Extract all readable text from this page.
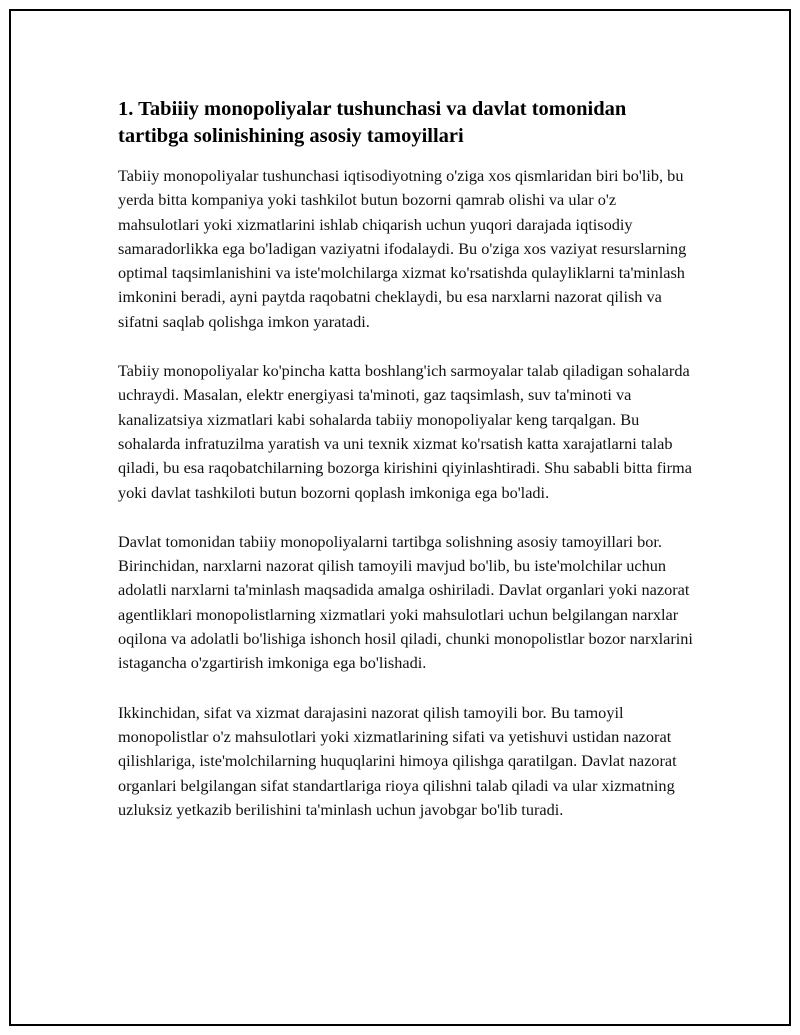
1. Tabiiiy monopoliyalar tushunchasi va davlat tomonidan tartibga solinishining asosiy tamoyillari

Tabiiy monopoliyalar tushunchasi iqtisodiyotning o'ziga xos qismlaridan biri bo'lib, bu yerda bitta kompaniya yoki tashkilot butun bozorni qamrab olishi va ular o'z mahsulotlari yoki xizmatlarini ishlab chiqarish uchun yuqori darajada iqtisodiy samaradorlikka ega bo'ladigan vaziyatni ifodalaydi. Bu o'ziga xos vaziyat resurslarning optimal taqsimlanishini va iste'molchilarga xizmat ko'rsatishda qulayliklarni ta'minlash imkonini beradi, ayni paytda raqobatni cheklaydi, bu esa narxlarni nazorat qilish va sifatni saqlab qolishga imkon yaratadi.

Tabiiy monopoliyalar ko'pincha katta boshlang'ich sarmoyalar talab qiladigan sohalarda uchraydi. Masalan, elektr energiyasi ta'minoti, gaz taqsimlash, suv ta'minoti va kanalizatsiya xizmatlari kabi sohalarda tabiiy monopoliyalar keng tarqalgan. Bu sohalarda infratuzilma yaratish va uni texnik xizmat ko'rsatish katta xarajatlarni talab qiladi, bu esa raqobatchilarning bozorga kirishini qiyinlashtiradi. Shu sababli bitta firma yoki davlat tashkiloti butun bozorni qoplash imkoniga ega bo'ladi.

Davlat tomonidan tabiiy monopoliyalarni tartibga solishning asosiy tamoyillari bor. Birinchidan, narxlarni nazorat qilish tamoyili mavjud bo'lib, bu iste'molchilar uchun adolatli narxlarni ta'minlash maqsadida amalga oshiriladi. Davlat organlari yoki nazorat agentliklari monopolistlarning xizmatlari yoki mahsulotlari uchun belgilangan narxlar oqilona va adolatli bo'lishiga ishonch hosil qiladi, chunki monopolistlar bozor narxlarini istagancha o'zgartirish imkoniga ega bo'lishadi.

Ikkinchidan, sifat va xizmat darajasini nazorat qilish tamoyili bor. Bu tamoyil monopolistlar o'z mahsulotlari yoki xizmatlarining sifati va yetishuvi ustidan nazorat qilishlariga, iste'molchilarning huquqlarini himoya qilishga qaratilgan. Davlat nazorat organlari belgilangan sifat standartlariga rioya qilishni talab qiladi va ular xizmatning uzluksiz yetkazib berilishini ta'minlash uchun javobgar bo'lib turadi.
